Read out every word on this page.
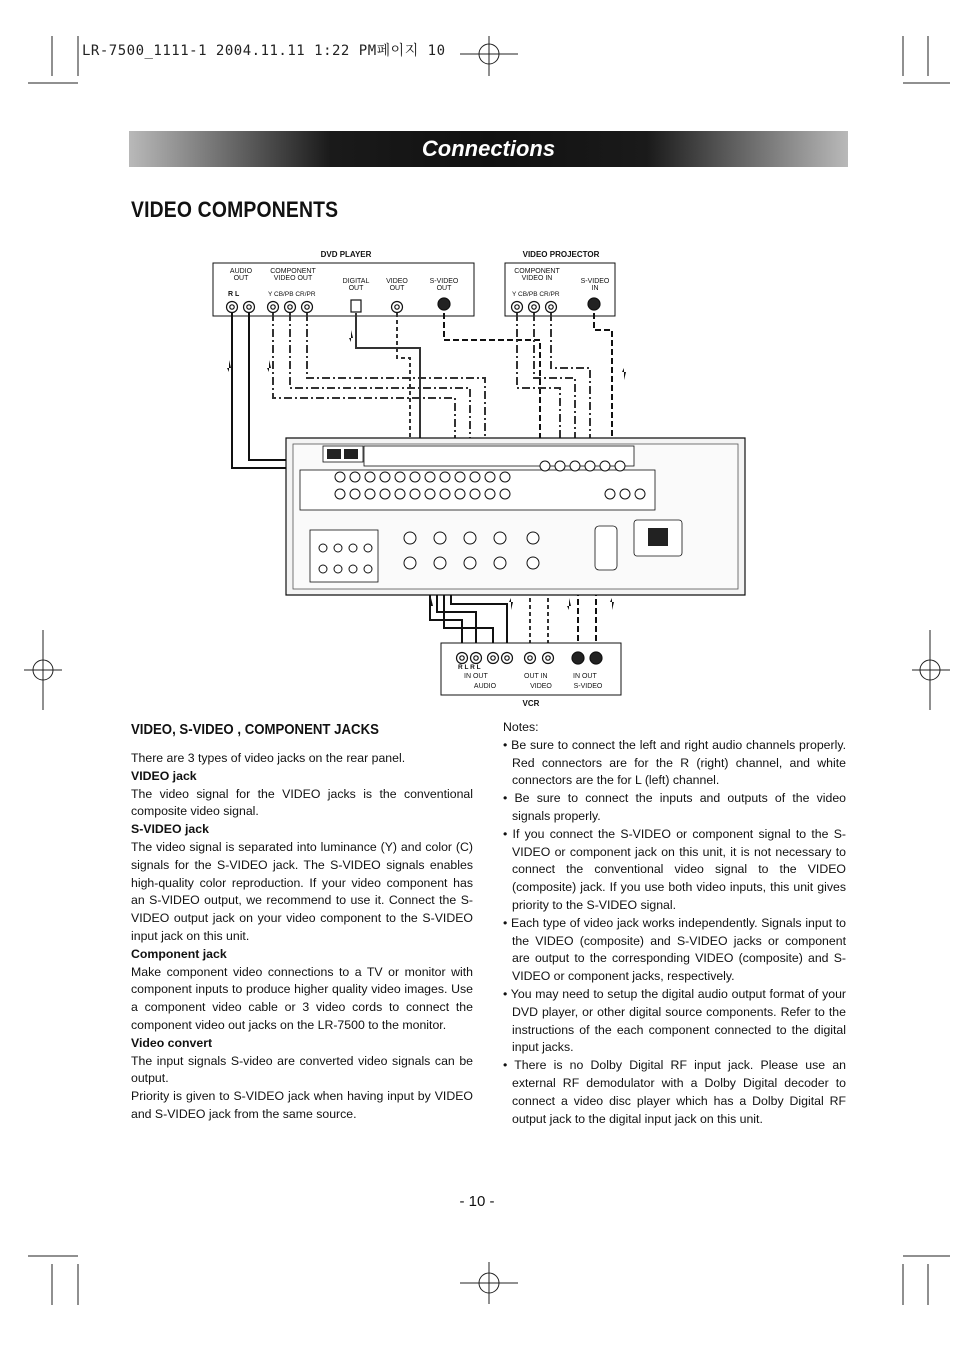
LR-7500_1111-1 2004.11.11 1:22 PM페이지 10
Connections
VIDEO COMPONENTS
DVD PLAYER
AUDIO
OUT
COMPONENT
VIDEO OUT	DIGITAL
OUT
VIDEO
OUT
S-VIDEO
OUT
R L	Y CB/PB CR/PR
VIDEO PROJECTOR
COMPONENT
VIDEO IN	S-VIDEO
IN
Y CB/PB CR/PR
VCR
R L R L
IN OUT	OUT IN	IN OUT
AUDIO	VIDEO	S-VIDEO
VIDEO, S-VIDEO , COMPONENT JACKS

There are 3 types of video jacks on the rear panel.

VIDEO jack

The video signal for the VIDEO jacks is the conventional composite video signal.

S-VIDEO jack

The video signal is separated into luminance (Y) and color (C) signals for the S-VIDEO jack. The S-VIDEO signals enables high-quality color reproduction. If your video component has an S-VIDEO output, we recommend to use it. Connect the S-VIDEO output jack on your video component to the S-VIDEO input jack on this unit.

Component jack

Make component video connections to a TV or monitor with component inputs to produce higher quality video images. Use a component video cable or 3 video cords to connect the component video out jacks on the LR-7500 to the monitor.

Video convert

The input signals S-video are converted video signals can be output.

Priority is given to S-VIDEO jack when having input by VIDEO and S-VIDEO jack from the same source.

Notes:

• Be sure to connect the left and right audio channels properly. Red connectors are for the R (right) channel, and white connectors are the for L (left) channel.

• Be sure to connect the inputs and outputs of the video signals properly.

• If you connect the S-VIDEO or component signal to the S-VIDEO or component jack on this unit, it is not necessary to connect the conventional video signal to the VIDEO (composite) jack. If you use both video inputs, this unit gives priority to the S-VIDEO signal.

• Each type of video jack works independently. Signals input to the VIDEO (composite) and S-VIDEO jacks or component are output to the corresponding VIDEO (composite) and S-VIDEO or component jacks, respectively.

• You may need to setup the digital audio output format of your DVD player, or other digital source components. Refer to the instructions of the each component connected to the digital input jacks.

• There is no Dolby Digital RF input jack. Please use an external RF demodulator with a Dolby Digital decoder to connect a video disc player which has a Dolby Digital RF output jack to the digital input jack on this unit.

- 10 -
